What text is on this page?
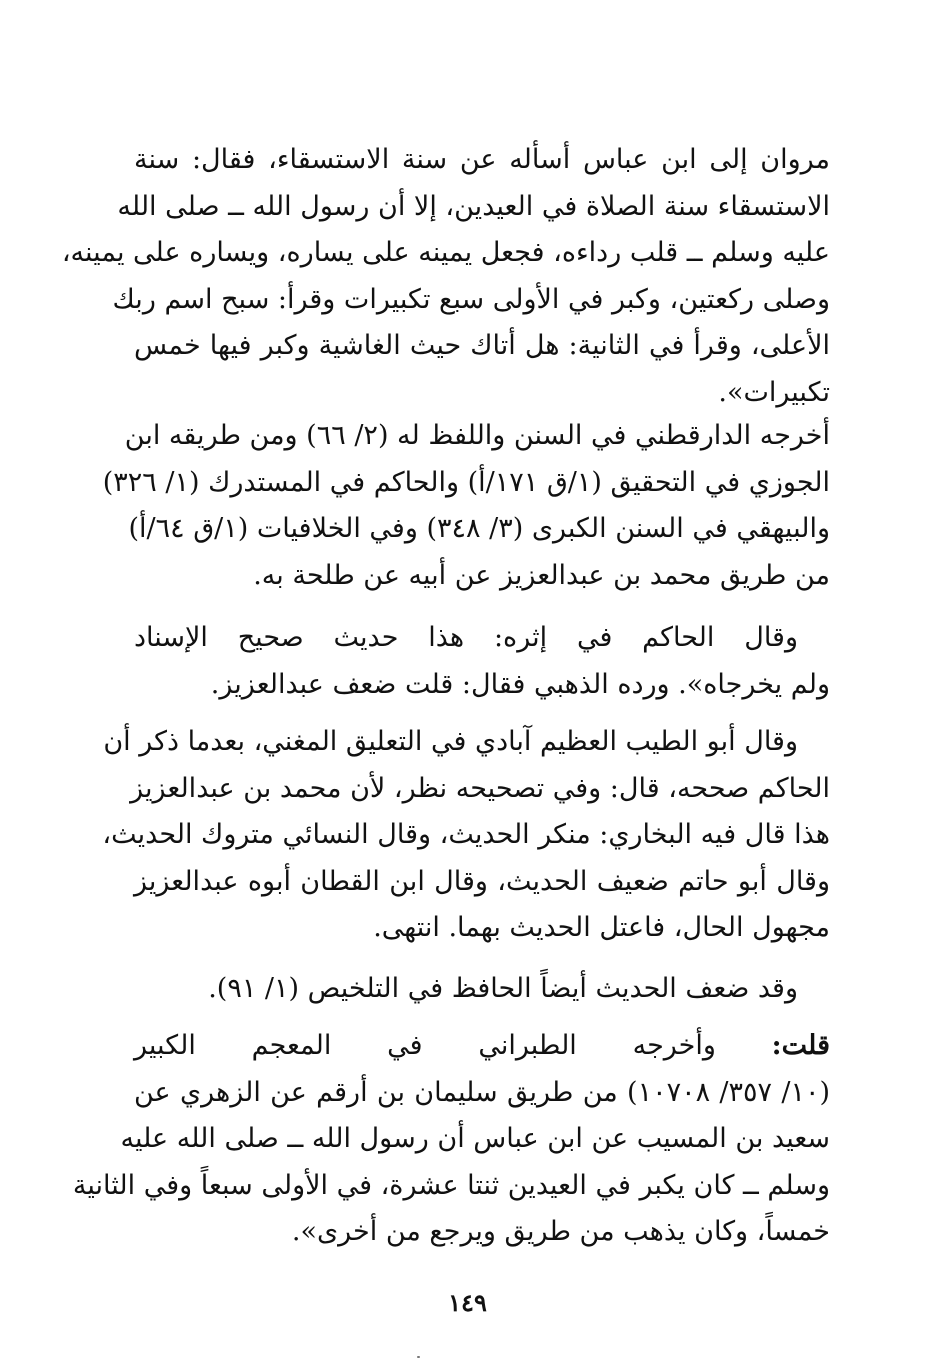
مروان إلى ابن عباس أسأله عن سنة الاستسقاء، فقال: سنة
الاستسقاء سنة الصلاة في العيدين، إلا أن رسول الله ــ صلى الله
عليه وسلم ــ قلب رداءه، فجعل يمينه على يساره، ويساره على يمينه،
وصلى ركعتين، وكبر في الأولى سبع تكبيرات وقرأ: سبح اسم ربك
الأعلى، وقرأ في الثانية: هل أتاك حيث الغاشية وكبر فيها خمس
تكبيرات».
أخرجه الدارقطني في السنن واللفظ له (٢/ ٦٦) ومن طريقه ابن
الجوزي في التحقيق (١/ق ١٧١/أ) والحاكم في المستدرك (١/ ٣٢٦)
والبيهقي في السنن الكبرى (٣/ ٣٤٨) وفي الخلافيات (١/ق ٦٤/أ)
من طريق محمد بن عبدالعزيز عن أبيه عن طلحة به.
وقال الحاكم في إثره: هذا حديث صحيح الإسناد
ولم يخرجاه». ورده الذهبي فقال: قلت ضعف عبدالعزيز.
وقال أبو الطيب العظيم آبادي في التعليق المغني، بعدما ذكر أن
الحاكم صححه، قال: وفي تصحيحه نظر، لأن محمد بن عبدالعزيز
هذا قال فيه البخاري: منكر الحديث، وقال النسائي متروك الحديث،
وقال أبو حاتم ضعيف الحديث، وقال ابن القطان أبوه عبدالعزيز
مجهول الحال، فاعتل الحديث بهما. انتهى.
وقد ضعف الحديث أيضاً الحافظ في التلخيص (١/ ٩١).
قلت: وأخرجه الطبراني في المعجم الكبير
(١٠/ ٣٥٧/ ١٠٧٠٨) من طريق سليمان بن أرقم عن الزهري عن
سعيد بن المسيب عن ابن عباس أن رسول الله ــ صلى الله عليه
وسلم ــ كان يكبر في العيدين ثنتا عشرة، في الأولى سبعاً وفي الثانية
خمساً، وكان يذهب من طريق ويرجع من أخرى».
١٤٩
